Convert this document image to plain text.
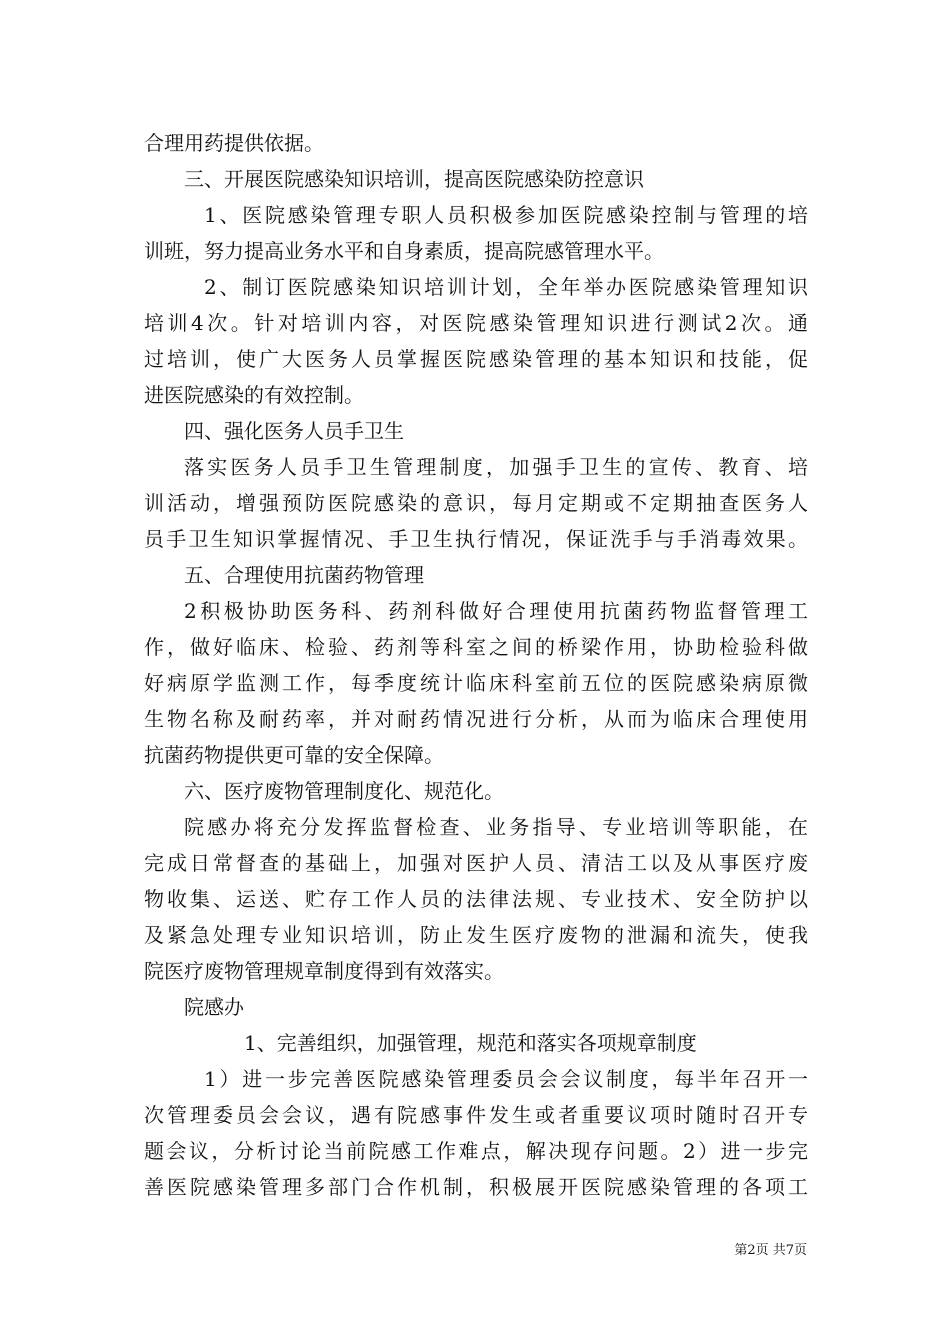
合理用药提供依据。
三、开展医院感染知识培训，提高医院感染防控意识
1、医院感染管理专职人员积极参加医院感染控制与管理的培
训班，努力提高业务水平和自身素质，提高院感管理水平。
2、制订医院感染知识培训计划，全年举办医院感染管理知识
培训4次。针对培训内容，对医院感染管理知识进行测试2次。通
过培训，使广大医务人员掌握医院感染管理的基本知识和技能，促
进医院感染的有效控制。
四、强化医务人员手卫生
落实医务人员手卫生管理制度，加强手卫生的宣传、教育、培
训活动，增强预防医院感染的意识，每月定期或不定期抽查医务人
员手卫生知识掌握情况、手卫生执行情况，保证洗手与手消毒效果。
五、合理使用抗菌药物管理
2积极协助医务科、药剂科做好合理使用抗菌药物监督管理工
作，做好临床、检验、药剂等科室之间的桥梁作用，协助检验科做
好病原学监测工作，每季度统计临床科室前五位的医院感染病原微
生物名称及耐药率，并对耐药情况进行分析，从而为临床合理使用
抗菌药物提供更可靠的安全保障。
六、医疗废物管理制度化、规范化。
院感办将充分发挥监督检查、业务指导、专业培训等职能，在
完成日常督查的基础上，加强对医护人员、清洁工以及从事医疗废
物收集、运送、贮存工作人员的法律法规、专业技术、安全防护以
及紧急处理专业知识培训，防止发生医疗废物的泄漏和流失，使我
院医疗废物管理规章制度得到有效落实。
院感办
1、完善组织，加强管理，规范和落实各项规章制度
1）进一步完善医院感染管理委员会会议制度，每半年召开一
次管理委员会会议，遇有院感事件发生或者重要议项时随时召开专
题会议，分析讨论当前院感工作难点，解决现存问题。2）进一步完
善医院感染管理多部门合作机制，积极展开医院感染管理的各项工
第2页 共7页
